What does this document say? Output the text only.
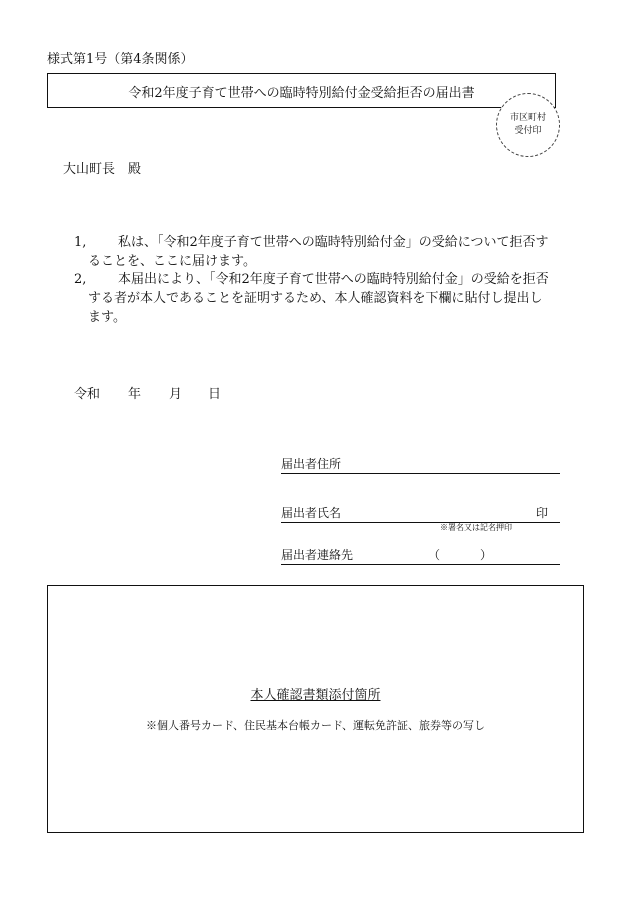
様式第1号（第4条関係）
令和2年度子育て世帯への臨時特別給付金受給拒否の届出書
市区町村
受付印
大山町長　殿
1,	私は、「令和2年度子育て世帯への臨時特別給付金」の受給について拒否することを、ここに届けます。
2,	本届出により、「令和2年度子育て世帯への臨時特別給付金」の受給を拒否する者が本人であることを証明するため、本人確認資料を下欄に貼付し提出します。
令和 年 月 日
届出者住所
届出者氏名	印
※署名又は記名押印
届出者連絡先	（	）
本人確認書類添付箇所
※個人番号カード、住民基本台帳カード、運転免許証、旅券等の写し
